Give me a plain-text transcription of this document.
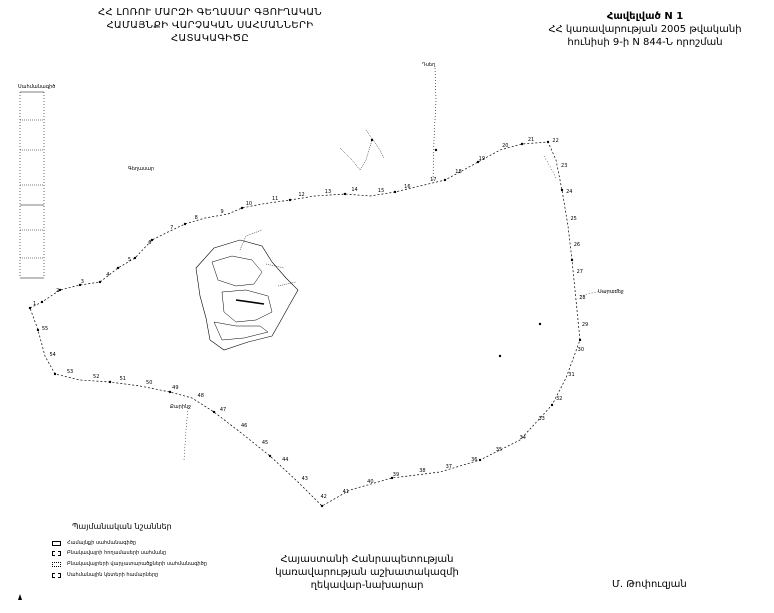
ՀՀ ԼՈՌՈՒ ՄԱՐԶԻ ԳԵՂԱՍԱՐ ԳՅՈՒՂԱԿԱՆ
ՀԱՄԱՅՆՔԻ ՎԱՐՉԱԿԱՆ ՍԱՀՄԱՆՆԵՐԻ
ՀԱՏԱԿԱԳԻԾԸ
Հավելված N 1
ՀՀ կառավարության 2005 թվականի
հունիսի 9-ի N 844-Ն որոշման
1
2
3
4
5
6
7
8
9
10
11
12
13	14	15
16
17
18
19
20
21	22
23
24
25
26
27
28
29
30
31
32
33
34
35
36
37
38
39
40
41
42
43
44
45
46
47
48
49
50
51
52
53
54
55
Գեղասար
Սարամեջ
Դսեղ
Քարինջ
Սահմանագիծ
Պայմանական նշաններ
Համայնքի սահմանագիծը
Բնակավայրի հողամասերի սահմանը
Բնակավայրերի վարչատարածքների սահմանագիծը
Սահմանային կետերի համարները
Հայաստանի Հանրապետության
կառավարության աշխատակազմի
ղեկավար-նախարար	Մ. Թոփուզյան
